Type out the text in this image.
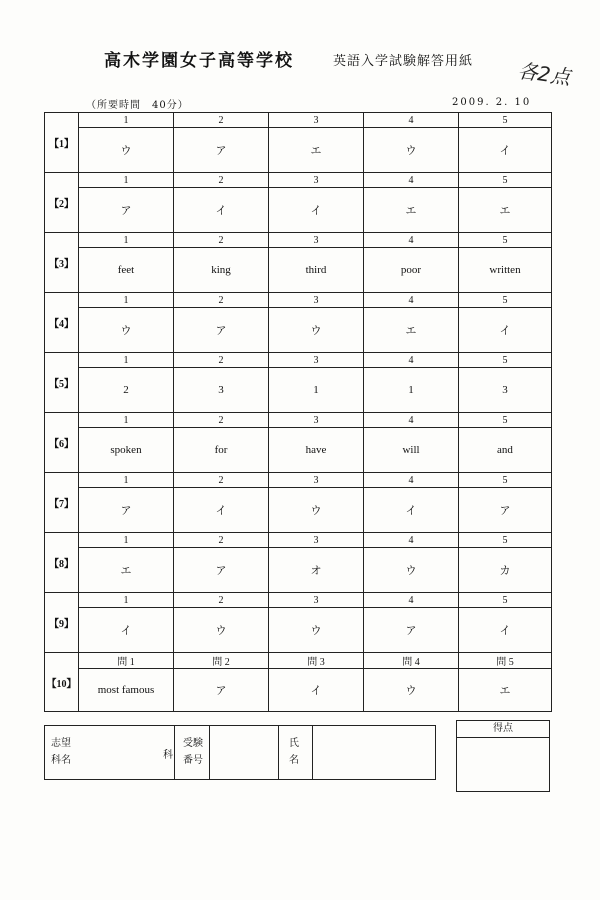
高木学園女子高等学校	英語入学試験解答用紙 各2点
（所要時間　40分）	2009. 2. 10
【1】	1	2	3	4	5
	ウ	ア	エ	ウ	イ
【2】	1	2	3	4	5
	ア	イ	イ	エ	エ
【3】	1	2	3	4	5
	feet	king	third	poor	written
【4】	1	2	3	4	5
	ウ	ア	ウ	エ	イ
【5】	1	2	3	4	5
	2	3	1	1	3
【6】	1	2	3	4	5
	spoken	for	have	will	and
【7】	1	2	3	4	5
	ア	イ	ウ	イ	ア
【8】	1	2	3	4	5
	エ	ア	オ	ウ	カ
【9】	1	2	3	4	5
	イ	ウ	ウ	ア	イ
【10】	問 1	問 2	問 3	問 4	問 5
	most famous	ア	イ	ウ	エ
志望
科名	科
受験
番号
氏
名
得点
